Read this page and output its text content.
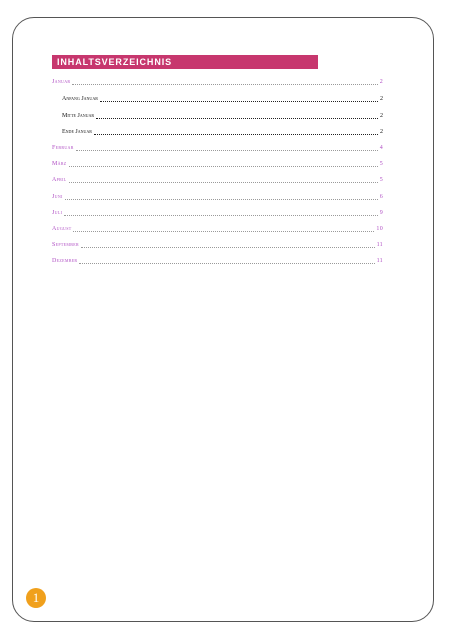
INHALTSVERZEICHNIS
Januar	2
Anfang Januar	2
Mitte Januar	2
Ende Januar	2
Februar	4
März	5
April	5
Juni	6
Juli	9
August	10
September	11
Dezember	11
1
